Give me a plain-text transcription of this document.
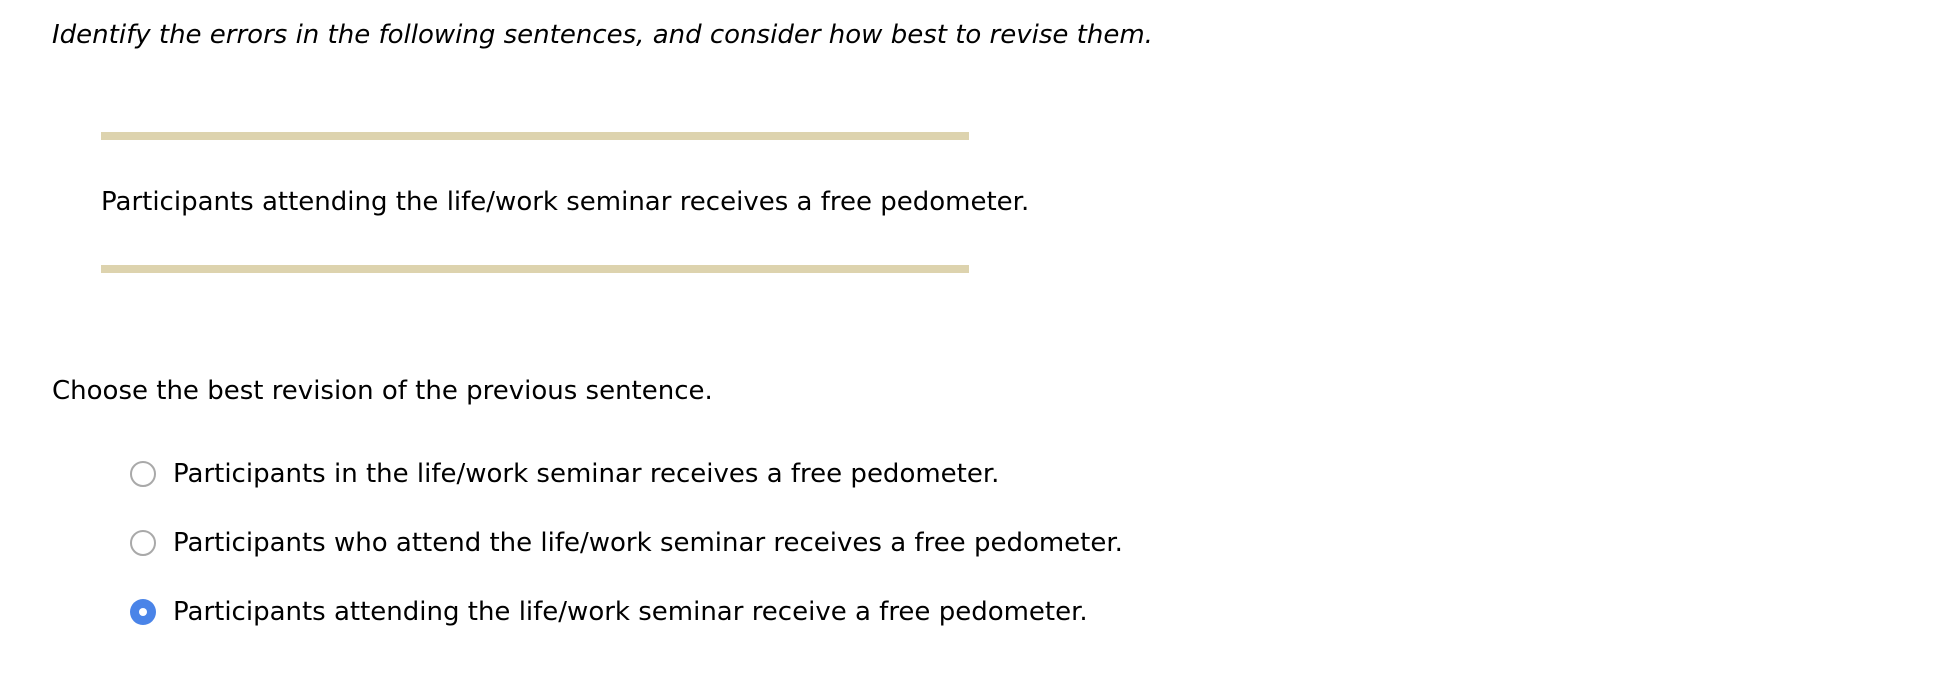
Identify the errors in the following sentences, and consider how best to revise them.
Participants attending the life/work seminar receives a free pedometer.
Choose the best revision of the previous sentence.
Participants in the life/work seminar receives a free pedometer.
Participants who attend the life/work seminar receives a free pedometer.
Participants attending the life/work seminar receive a free pedometer.
